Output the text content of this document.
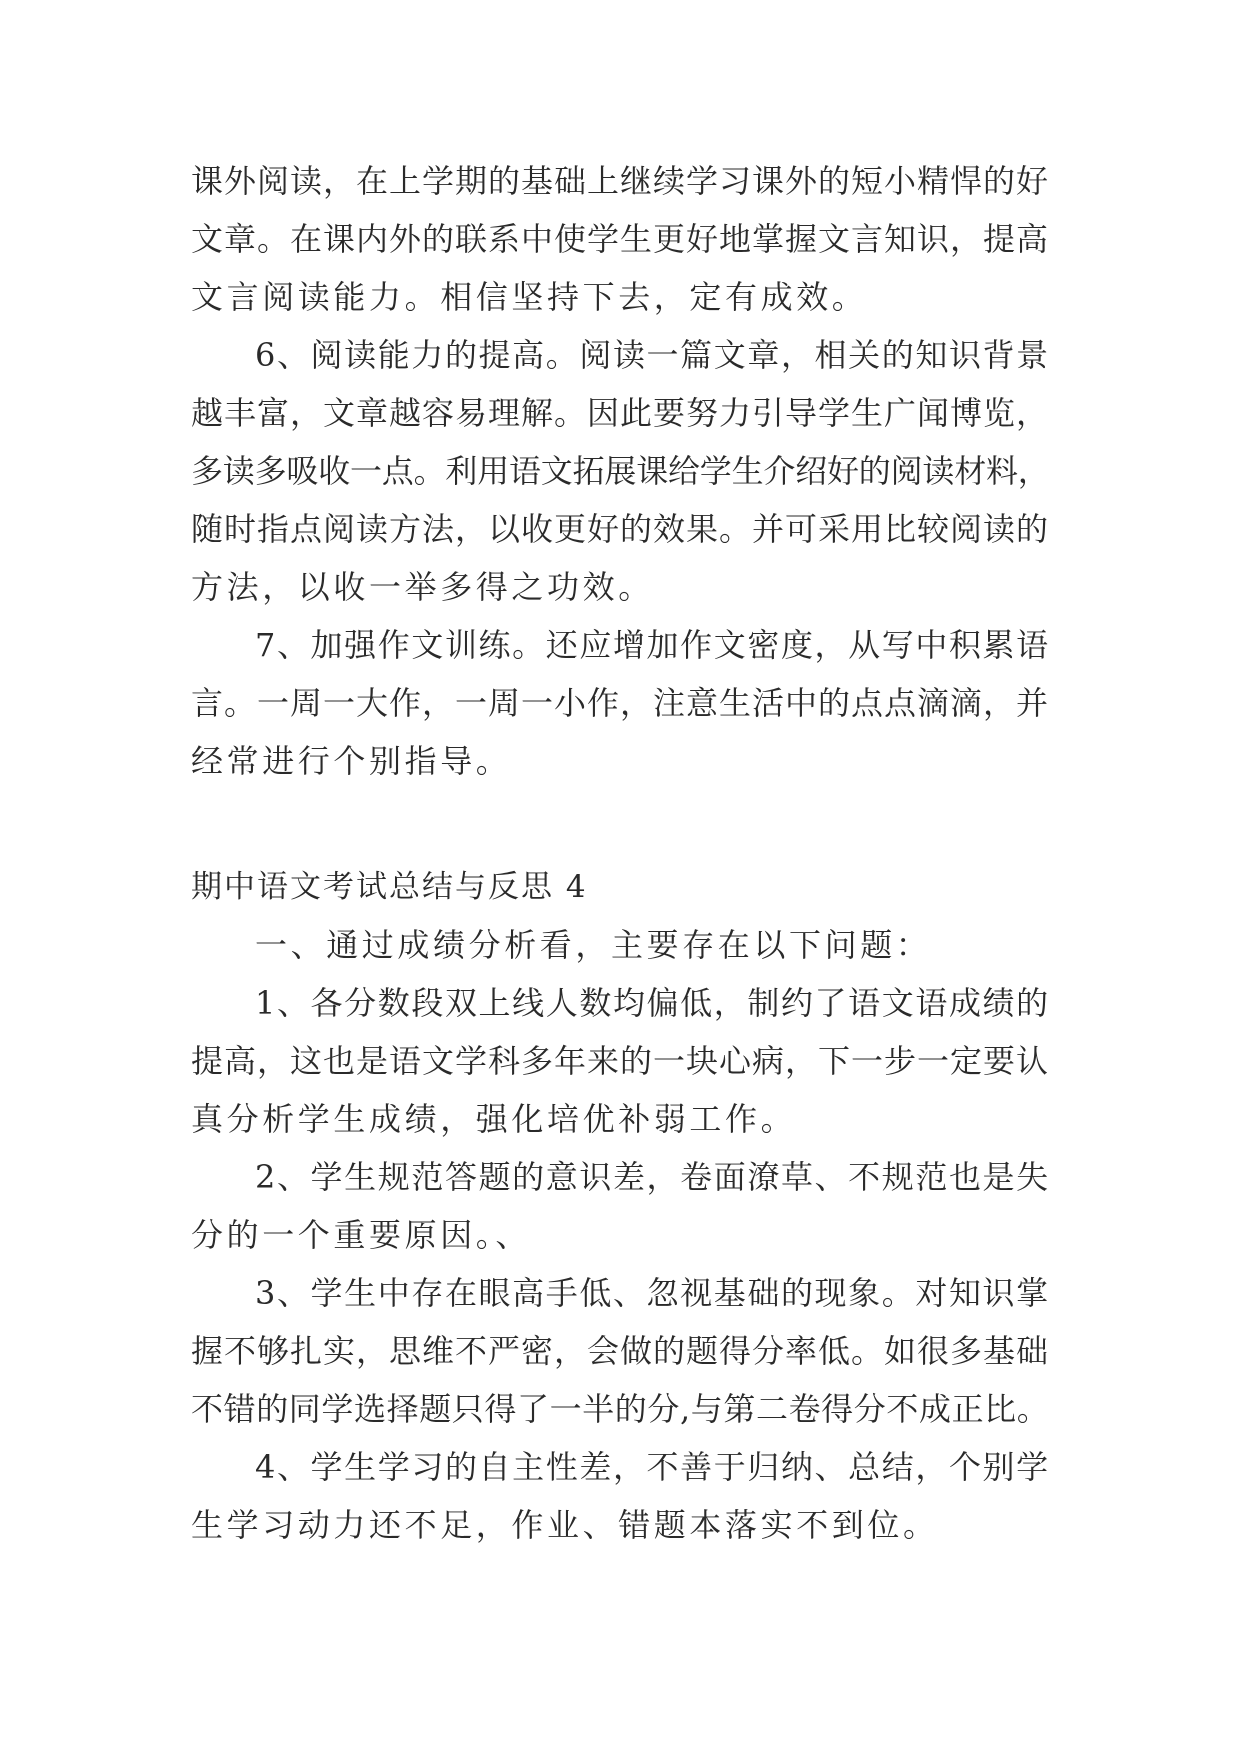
课外阅读，在上学期的基础上继续学习课外的短小精悍的好
文章。在课内外的联系中使学生更好地掌握文言知识，提高
文言阅读能力。相信坚持下去，定有成效。
6、阅读能力的提高。阅读一篇文章，相关的知识背景
越丰富，文章越容易理解。因此要努力引导学生广闻博览，
多读多吸收一点。利用语文拓展课给学生介绍好的阅读材料，
随时指点阅读方法，以收更好的效果。并可采用比较阅读的
方法，以收一举多得之功效。
7、加强作文训练。还应增加作文密度，从写中积累语
言。一周一大作，一周一小作，注意生活中的点点滴滴，并
经常进行个别指导。
期中语文考试总结与反思 4
一、通过成绩分析看，主要存在以下问题：
1、各分数段双上线人数均偏低，制约了语文语成绩的
提高，这也是语文学科多年来的一块心病，下一步一定要认
真分析学生成绩，强化培优补弱工作。
2、学生规范答题的意识差，卷面潦草、不规范也是失
分的一个重要原因。、
3、学生中存在眼高手低、忽视基础的现象。对知识掌
握不够扎实，思维不严密，会做的题得分率低。如很多基础
不错的同学选择题只得了一半的分,与第二卷得分不成正比。
4、学生学习的自主性差，不善于归纳、总结，个别学
生学习动力还不足，作业、错题本落实不到位。
